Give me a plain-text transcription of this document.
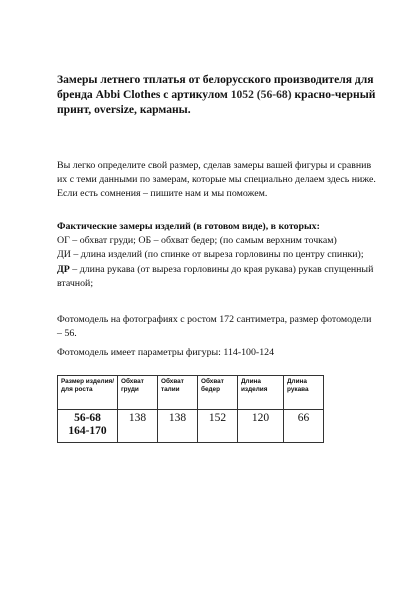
Замеры летнего тплатья от белорусского производителя для бренда Abbi Clothes с артикулом 1052 (56-68) красно-черный принт, oversize, карманы.
Вы легко определите свой размер, сделав замеры вашей фигуры и сравнив их с теми данными по замерам, которые мы специально делаем здесь ниже. Если есть сомнения – пишите нам и мы поможем.
Фактические замеры изделий (в готовом виде), в которых:
ОГ – обхват груди; ОБ – обхват бедер; (по самым верхним точкам)
ДИ – длина изделий (по спинке от выреза горловины по центру спинки);
ДР – длина рукава (от выреза горловины до края рукава) рукав спущенный втачной;
Фотомодель на фотографиях с ростом 172 сантиметра, размер фотомодели – 56.
Фотомодель имеет параметры фигуры: 114-100-124
Размер изделия/для роста	Обхват груди	Обхват талии	Обхват бедер	Длина изделия	Длина рукава

56-68
164-170	138	138	152	120	66
